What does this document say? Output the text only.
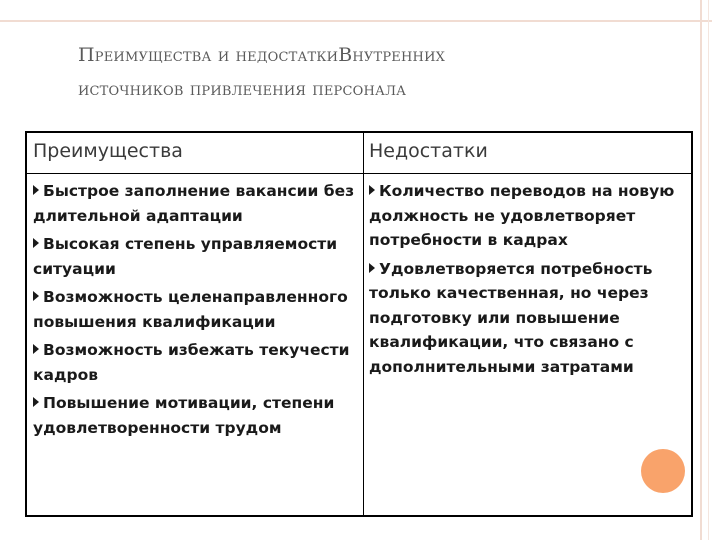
Преимущества и недостаткиВнутренних
источников привлечения персонала
Преимущества	Недостатки
Быстрое заполнение вакансии без длительной адаптации
Высокая степень управляемости ситуации
Возможность целенаправленного повышения квалификации
Возможность избежать текучести кадров
Повышение мотивации, степени удовлетворенности трудом
Количество переводов на новую должность не удовлетворяет потребности в кадрах
Удовлетворяется потребность только качественная, но через подготовку или повышение квалификации, что связано с дополнительными затратами
